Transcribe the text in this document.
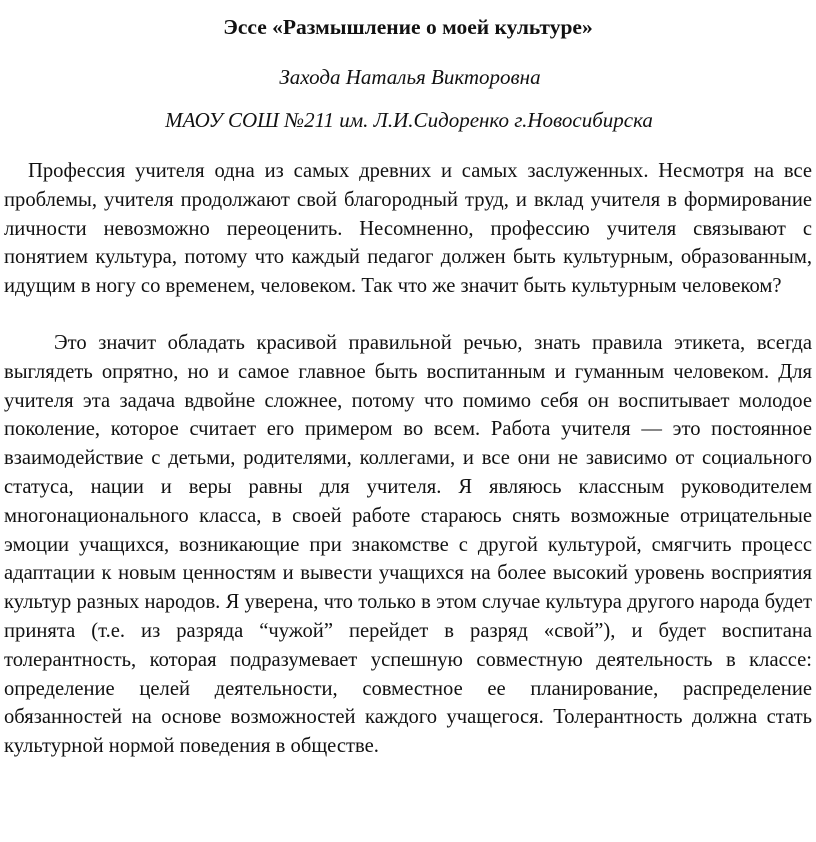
Эссе «Размышление о моей культуре»

Захода Наталья Викторовна

МАОУ СОШ №211 им. Л.И.Сидоренко г.Новосибирска

Профессия учителя одна из самых древних и самых заслуженных. Несмотря на все проблемы, учителя продолжают свой благородный труд, и вклад учителя в формирование личности невозможно переоценить. Несомненно, профессию учителя связывают с понятием культура, потому что каждый педагог должен быть культурным, образованным, идущим в ногу со временем, человеком. Так что же значит быть культурным человеком?

Это значит обладать красивой правильной речью, знать правила этикета, всегда выглядеть опрятно, но и самое главное быть воспитанным и гуманным человеком. Для учителя эта задача вдвойне сложнее, потому что помимо себя он воспитывает молодое поколение, которое считает его примером во всем. Работа учителя — это постоянное взаимодействие с детьми, родителями, коллегами, и все они не зависимо от социального статуса, нации и веры равны для учителя. Я являюсь классным руководителем многонационального класса, в своей работе стараюсь снять возможные отрицательные эмоции учащихся, возникающие при знакомстве с другой культурой, смягчить процесс адаптации к новым ценностям и вывести учащихся на более высокий уровень восприятия культур разных народов. Я уверена, что только в этом случае культура другого народа будет принята (т.е. из разряда “чужой” перейдет в разряд «свой”), и будет воспитана толерантность, которая подразумевает успешную совместную деятельность в классе: определение целей деятельности, совместное ее планирование, распределение обязанностей на основе возможностей каждого учащегося. Толерантность должна стать культурной нормой поведения в обществе.
